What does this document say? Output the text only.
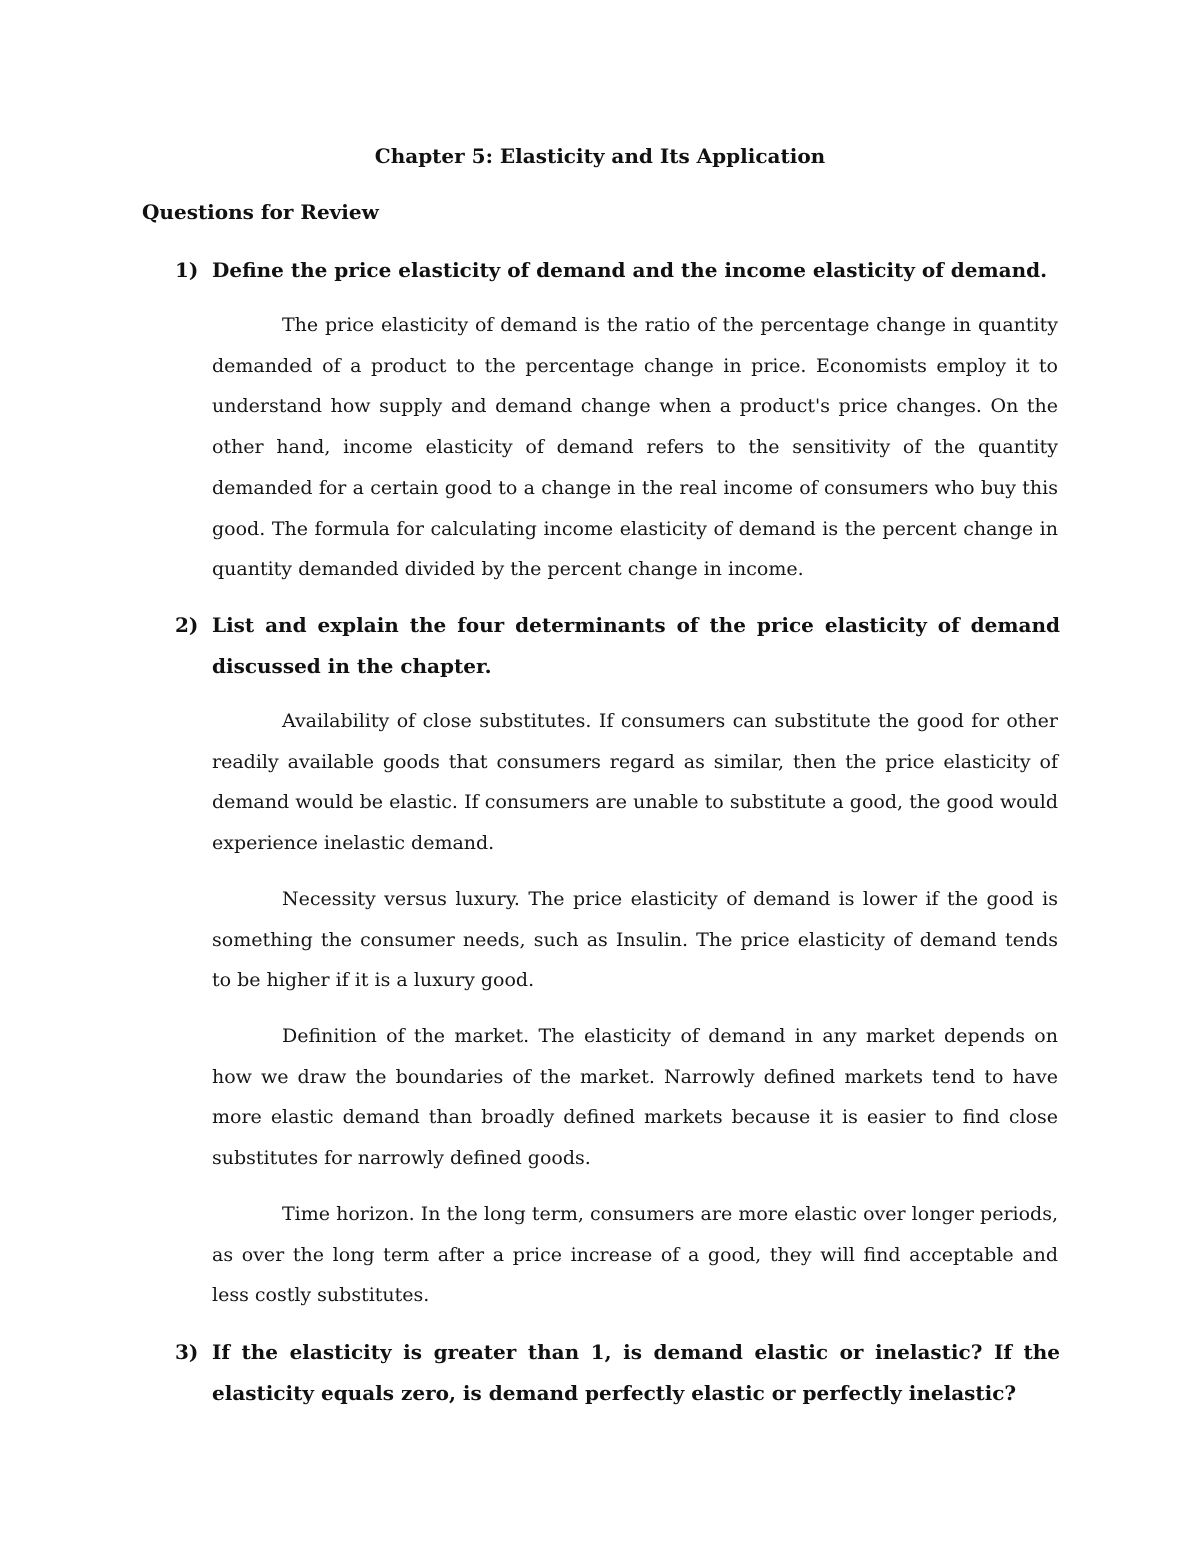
Chapter 5: Elasticity and Its Application
Questions for Review
1) Define the price elasticity of demand and the income elasticity of demand.
The price elasticity of demand is the ratio of the percentage change in quantity demanded of a product to the percentage change in price. Economists employ it to understand how supply and demand change when a product's price changes. On the other hand, income elasticity of demand refers to the sensitivity of the quantity demanded for a certain good to a change in the real income of consumers who buy this good. The formula for calculating income elasticity of demand is the percent change in quantity demanded divided by the percent change in income.
2) List and explain the four determinants of the price elasticity of demand discussed in the chapter.
Availability of close substitutes. If consumers can substitute the good for other readily available goods that consumers regard as similar, then the price elasticity of demand would be elastic. If consumers are unable to substitute a good, the good would experience inelastic demand.
Necessity versus luxury. The price elasticity of demand is lower if the good is something the consumer needs, such as Insulin. The price elasticity of demand tends to be higher if it is a luxury good.
Definition of the market. The elasticity of demand in any market depends on how we draw the boundaries of the market. Narrowly defined markets tend to have more elastic demand than broadly defined markets because it is easier to find close substitutes for narrowly defined goods.
Time horizon. In the long term, consumers are more elastic over longer periods, as over the long term after a price increase of a good, they will find acceptable and less costly substitutes.
3) If the elasticity is greater than 1, is demand elastic or inelastic? If the elasticity equals zero, is demand perfectly elastic or perfectly inelastic?
